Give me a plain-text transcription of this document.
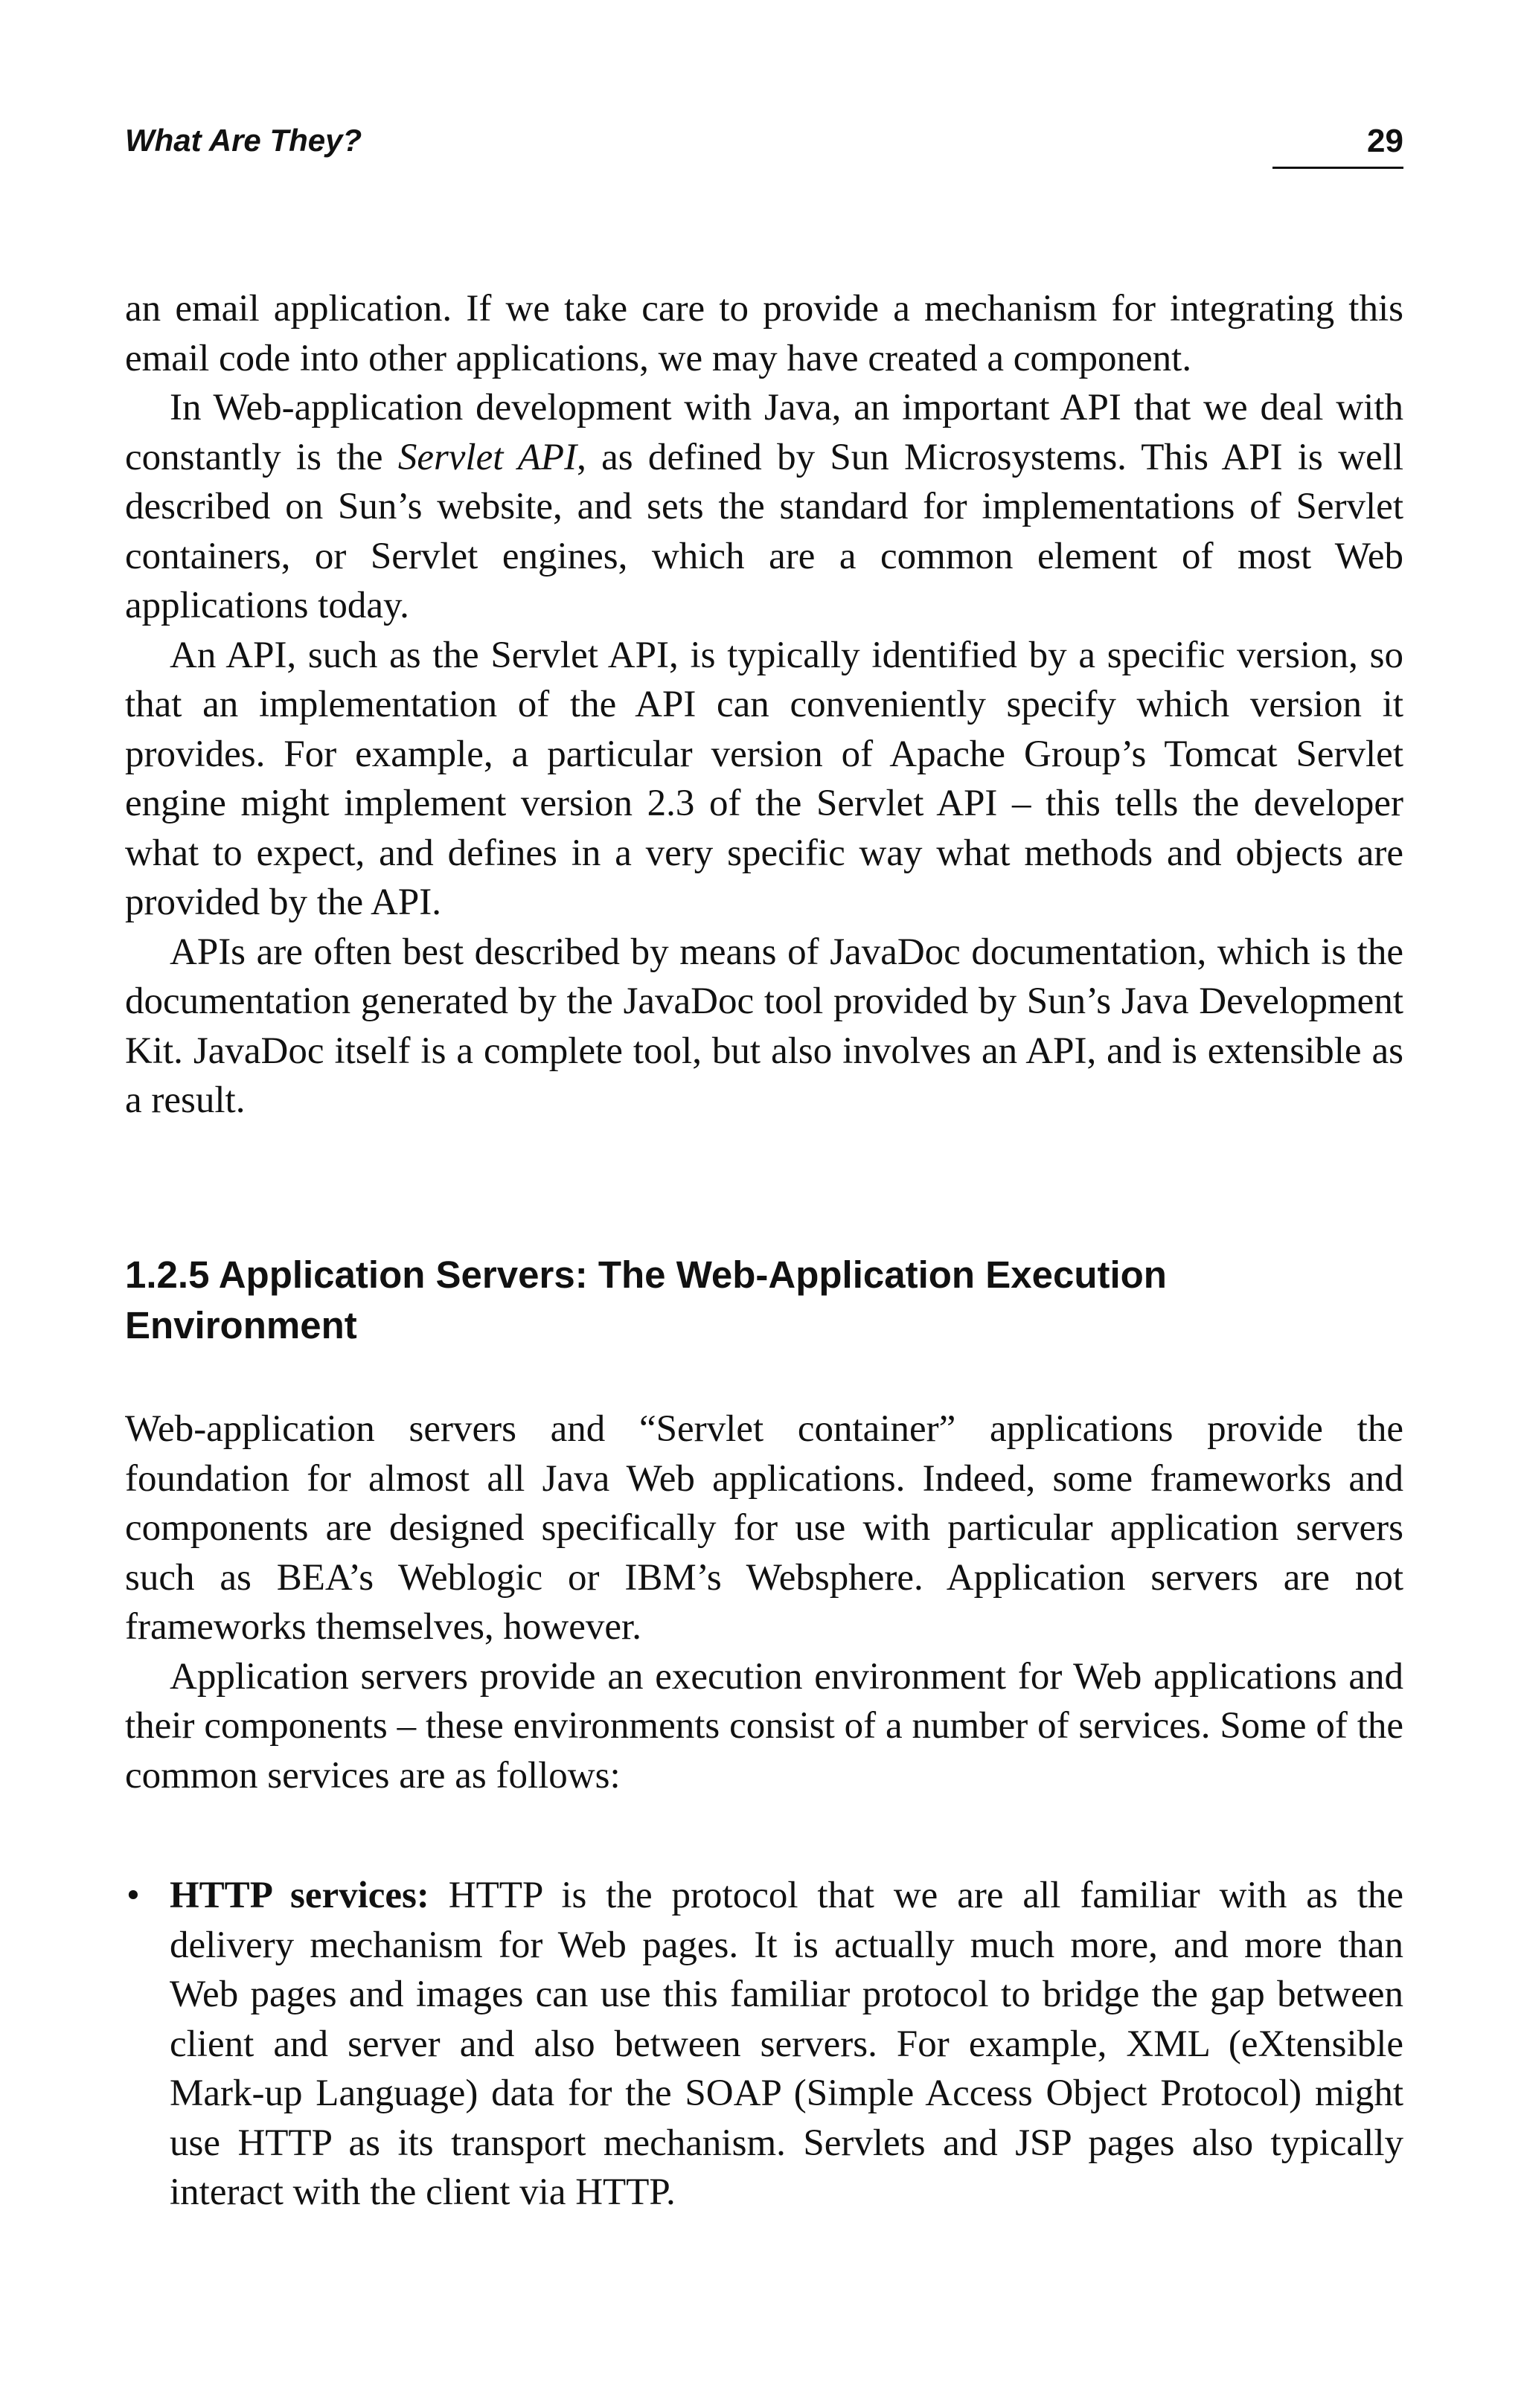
What Are They?	29

an email application. If we take care to provide a mechanism for integrating this email code into other applications, we may have created a component.

In Web-application development with Java, an important API that we deal with constantly is the Servlet API, as defined by Sun Microsystems. This API is well described on Sun’s website, and sets the standard for implementations of Servlet containers, or Servlet engines, which are a common element of most Web applications today.

An API, such as the Servlet API, is typically identified by a specific version, so that an implementation of the API can conveniently specify which version it provides. For example, a particular version of Apache Group’s Tomcat Servlet engine might implement version 2.3 of the Servlet API – this tells the developer what to expect, and defines in a very specific way what methods and objects are provided by the API.

APIs are often best described by means of JavaDoc documentation, which is the documentation generated by the JavaDoc tool provided by Sun’s Java Development Kit. JavaDoc itself is a complete tool, but also involves an API, and is extensible as a result.

1.2.5 Application Servers: The Web-Application Execution Environment

Web-application servers and “Servlet container” applications provide the foundation for almost all Java Web applications. Indeed, some frameworks and components are designed specifically for use with particular application servers such as BEA’s Weblogic or IBM’s Websphere. Application servers are not frameworks themselves, however.

Application servers provide an execution environment for Web applications and their components – these environments consist of a number of services. Some of the common services are as follows:

• HTTP services: HTTP is the protocol that we are all familiar with as the delivery mechanism for Web pages. It is actually much more, and more than Web pages and images can use this familiar protocol to bridge the gap between client and server and also between servers. For example, XML (eXtensible Mark-up Language) data for the SOAP (Simple Access Object Protocol) might use HTTP as its transport mechanism. Servlets and JSP pages also typically interact with the client via HTTP.
